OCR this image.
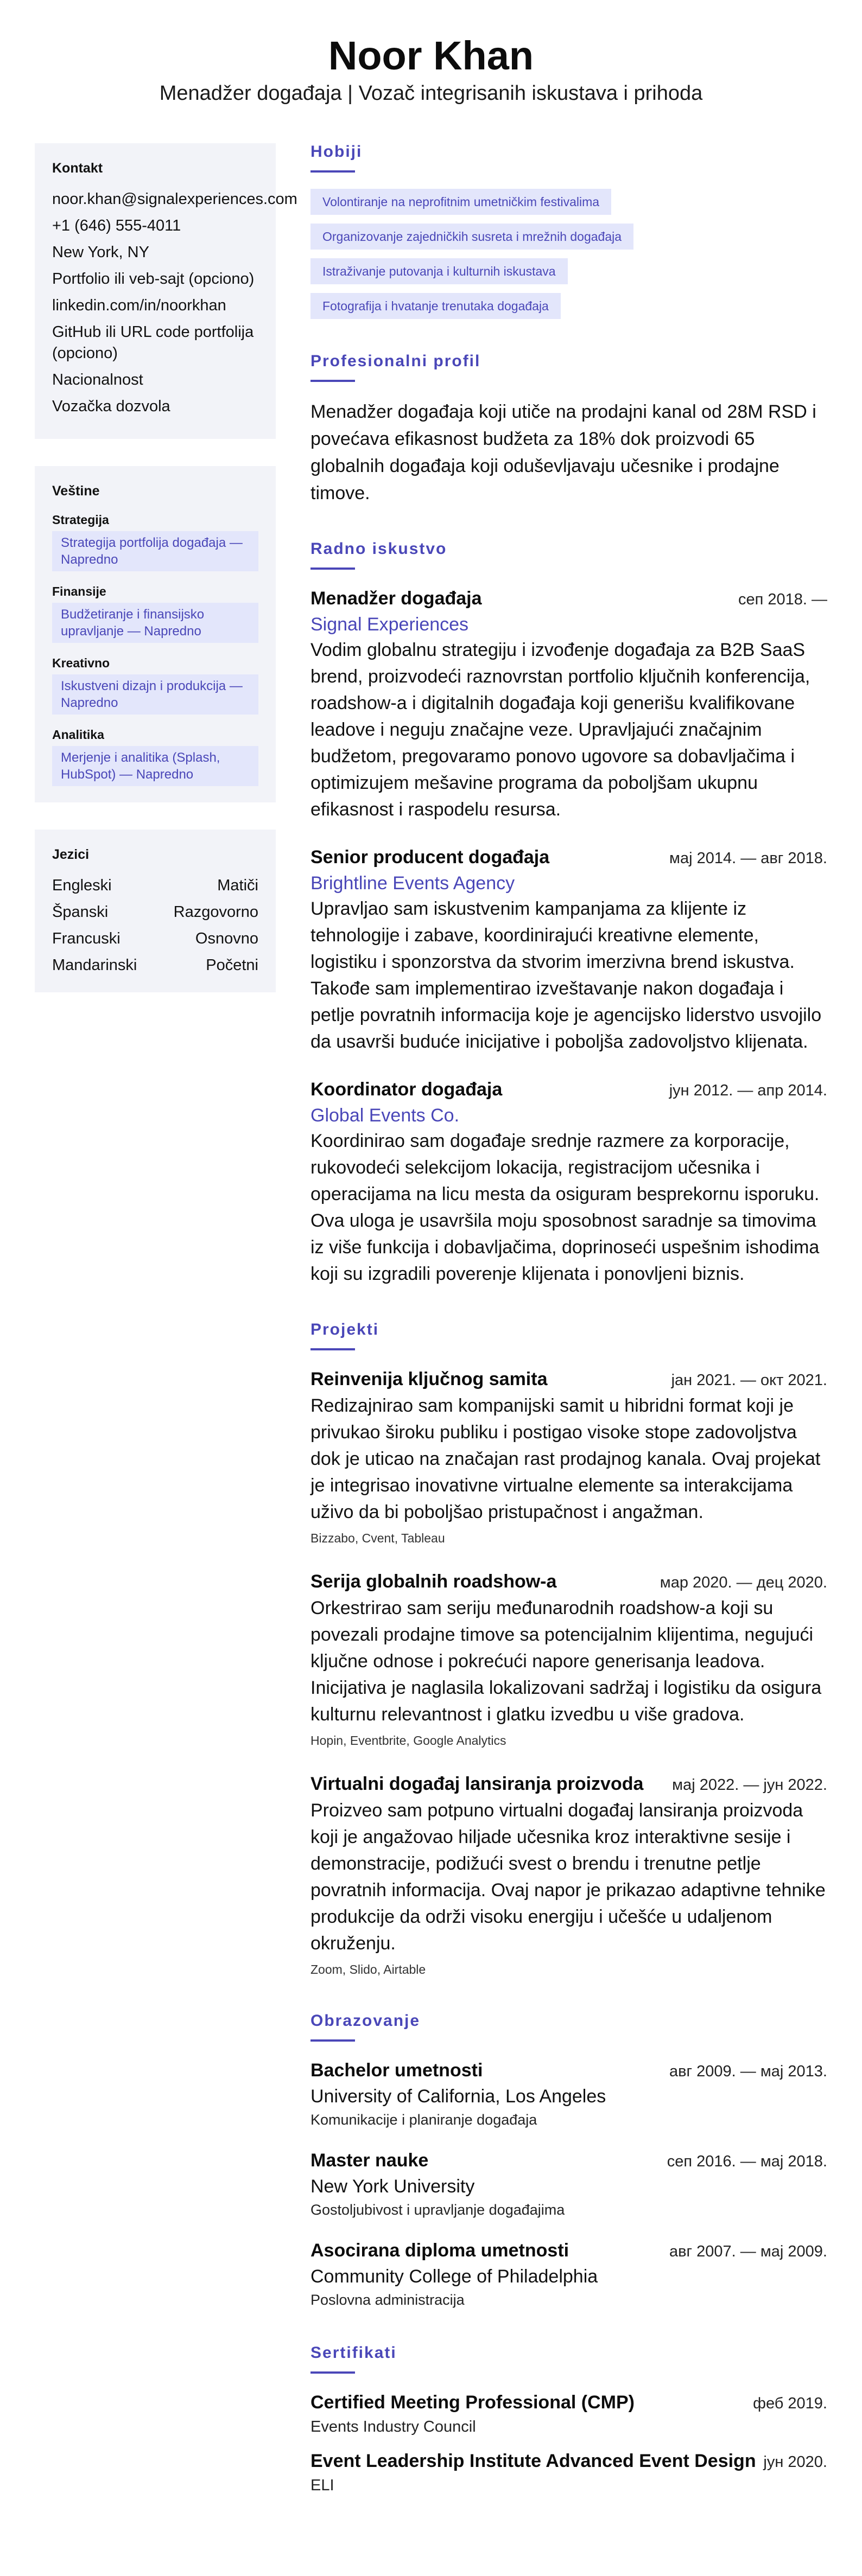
Noor Khan
Menadžer događaja | Vozač integrisanih iskustava i prihoda
Kontakt
noor.khan@signalexperiences.com
+1 (646) 555-4011
New York, NY
Portfolio ili veb-sajt (opciono)
linkedin.com/in/noorkhan
GitHub ili URL code portfolija (opciono)
Nacionalnost
Vozačka dozvola
Veštine
Strategija
Strategija portfolija događaja — Napredno
Finansije
Budžetiranje i finansijsko upravljanje — Napredno
Kreativno
Iskustveni dizajn i produkcija — Napredno
Analitika
Merjenje i analitika (Splash, HubSpot) — Napredno
Jezici
Engleski	Matiči
Španski	Razgovorno
Francuski	Osnovno
Mandarinski	Početni
Hobiji
Volontiranje na neprofitnim umetničkim festivalima
Organizovanje zajedničkih susreta i mrežnih događaja
Istraživanje putovanja i kulturnih iskustava
Fotografija i hvatanje trenutaka događaja
Profesionalni profil

Menadžer događaja koji utiče na prodajni kanal od 28M RSD i povećava efikasnost budžeta za 18% dok proizvodi 65 globalnih događaja koji oduševljavaju učesnike i prodajne timove.

Radno iskustvo
Menadžer događaja	сеп 2018. —
Signal Experiences

Vodim globalnu strategiju i izvođenje događaja za B2B SaaS brend, proizvodeći raznovrstan portfolio ključnih konferencija, roadshow-a i digitalnih događaja koji generišu kvalifikovane leadove i neguju značajne veze. Upravljajući značajnim budžetom, pregovaramo ponovo ugovore sa dobavljačima i optimizujem mešavine programa da poboljšam ukupnu efikasnost i raspodelu resursa.

Senior producent događaja	мај 2014. — авг 2018.
Brightline Events Agency

Upravljao sam iskustvenim kampanjama za klijente iz tehnologije i zabave, koordinirajući kreativne elemente, logistiku i sponzorstva da stvorim imerzivna brend iskustva. Takođe sam implementirao izveštavanje nakon događaja i petlje povratnih informacija koje je agencijsko liderstvo usvojilo da usavrši buduće inicijative i poboljša zadovoljstvo klijenata.

Koordinator događaja	јун 2012. — апр 2014.
Global Events Co.

Koordinirao sam događaje srednje razmere za korporacije, rukovodeći selekcijom lokacija, registracijom učesnika i operacijama na licu mesta da osiguram besprekornu isporuku. Ova uloga je usavršila moju sposobnost saradnje sa timovima iz više funkcija i dobavljačima, doprinoseći uspešnim ishodima koji su izgradili poverenje klijenata i ponovljeni biznis.

Projekti
Reinvenija ključnog samita	јан 2021. — окт 2021.

Redizajnirao sam kompanijski samit u hibridni format koji je privukao široku publiku i postigao visoke stope zadovoljstva dok je uticao na značajan rast prodajnog kanala. Ovaj projekat je integrisao inovativne virtualne elemente sa interakcijama uživo da bi poboljšao pristupačnost i angažman.

Bizzabo, Cvent, Tableau
Serija globalnih roadshow-a	мар 2020. — дец 2020.

Orkestrirao sam seriju međunarodnih roadshow-a koji su povezali prodajne timove sa potencijalnim klijentima, negujući ključne odnose i pokrećući napore generisanja leadova. Inicijativa je naglasila lokalizovani sadržaj i logistiku da osigura kulturnu relevantnost i glatku izvedbu u više gradova.

Hopin, Eventbrite, Google Analytics
Virtualni događaj lansiranja proizvoda мај 2022. — јун 2022.

Proizveo sam potpuno virtualni događaj lansiranja proizvoda koji je angažovao hiljade učesnika kroz interaktivne sesije i demonstracije, podižući svest o brendu i trenutne petlje povratnih informacija. Ovaj napor je prikazao adaptivne tehnike produkcije da održi visoku energiju i učešće u udaljenom okruženju.

Zoom, Slido, Airtable
Obrazovanje
Bachelor umetnosti	авг 2009. — мај 2013.
University of California, Los Angeles
Komunikacije i planiranje događaja
Master nauke	сеп 2016. — мај 2018.
New York University
Gostoljubivost i upravljanje događajima
Asocirana diploma umetnosti	авг 2007. — мај 2009.
Community College of Philadelphia
Poslovna administracija
Sertifikati
Certified Meeting Professional (CMP)	феб 2019.
Events Industry Council
Event Leadership Institute Advanced Event Design јун 2020.
ELI
